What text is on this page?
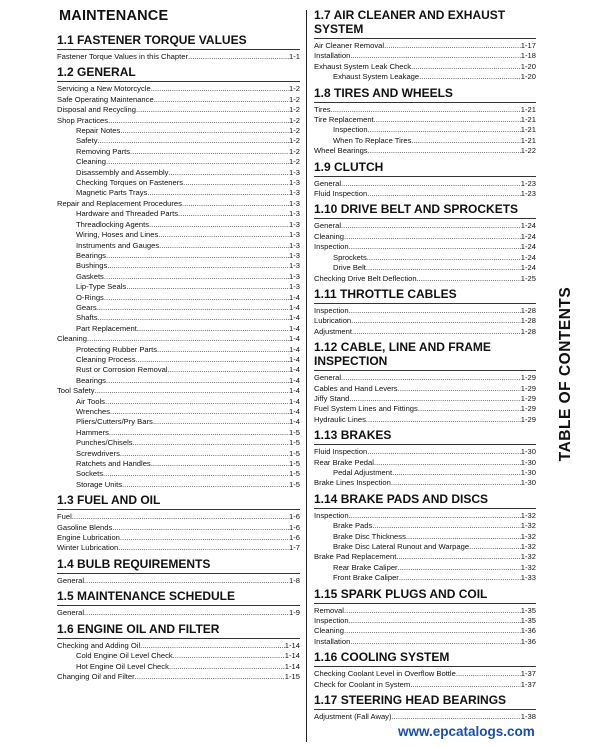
MAINTENANCE
1.1 FASTENER TORQUE VALUES
Fastener Torque Values in this Chapter .....	1-1
1.2 GENERAL
Servicing a New Motorcycle .....	1-2
Safe Operating Maintenance .....	1-2
Disposal and Recycling .....	1-2
Shop Practices .....	1-2
Repair Notes .....	1-2
Safety .....	1-2
Removing Parts .....	1-2
Cleaning .....	1-2
Disassembly and Assembly .....	1-3
Checking Torques on Fasteners .....	1-3
Magnetic Parts Trays .....	1-3
Repair and Replacement Procedures .....	1-3
Hardware and Threaded Parts .....	1-3
Threadlocking Agents .....	1-3
Wiring, Hoses and Lines .....	1-3
Instruments and Gauges .....	1-3
Bearings .....	1-3
Bushings .....	1-3
Gaskets .....	1-3
Lip-Type Seals .....	1-3
O-Rings .....	1-4
Gears .....	1-4
Shafts .....	1-4
Part Replacement .....	1-4
Cleaning .....	1-4
Protecting Rubber Parts .....	1-4
Cleaning Process .....	1-4
Rust or Corrosion Removal .....	1-4
Bearings .....	1-4
Tool Safety .....	1-4
Air Tools .....	1-4
Wrenches .....	1-4
Pliers/Cutters/Pry Bars .....	1-4
Hammers .....	1-5
Punches/Chisels .....	1-5
Screwdrivers .....	1-5
Ratchets and Handles .....	1-5
Sockets .....	1-5
Storage Units .....	1-5
1.3 FUEL AND OIL
Fuel .....	1-6
Gasoline Blends .....	1-6
Engine Lubrication .....	1-6
Winter Lubrication .....	1-7
1.4 BULB REQUIREMENTS
General .....	1-8
1.5 MAINTENANCE SCHEDULE
General .....	1-9
1.6 ENGINE OIL AND FILTER
Checking and Adding Oil .....	1-14
Cold Engine Oil Level Check .....	1-14
Hot Engine Oil Level Check .....	1-14
Changing Oil and Filter .....	1-15
1.7 AIR CLEANER AND EXHAUST SYSTEM
Air Cleaner Removal .....	1-17
Installation .....	1-18
Exhaust System Leak Check .....	1-20
Exhaust System Leakage .....	1-20
1.8 TIRES AND WHEELS
Tires .....	1-21
Tire Replacement .....	1-21
Inspection .....	1-21
When To Replace Tires .....	1-21
Wheel Bearings .....	1-22
1.9 CLUTCH
General .....	1-23
Fluid Inspection .....	1-23
1.10 DRIVE BELT AND SPROCKETS
General .....	1-24
Cleaning .....	1-24
Inspection .....	1-24
Sprockets .....	1-24
Drive Belt .....	1-24
Checking Drive Belt Deflection .....	1-25
1.11 THROTTLE CABLES
Inspection .....	1-28
Lubrication .....	1-28
Adjustment .....	1-28
1.12 CABLE, LINE AND FRAME INSPECTION
General .....	1-29
Cables and Hand Levers .....	1-29
Jiffy Stand .....	1-29
Fuel System Lines and Fittings .....	1-29
Hydraulic Lines .....	1-29
1.13 BRAKES
Fluid Inspection .....	1-30
Rear Brake Pedal .....	1-30
Pedal Adjustment .....	1-30
Brake Lines Inspection .....	1-30
1.14 BRAKE PADS AND DISCS
Inspection .....	1-32
Brake Pads .....	1-32
Brake Disc Thickness .....	1-32
Brake Disc Lateral Runout and Warpage .....	1-32
Brake Pad Replacement .....	1-32
Rear Brake Caliper .....	1-32
Front Brake Caliper .....	1-33
1.15 SPARK PLUGS AND COIL
Removal .....	1-35
Inspection .....	1-35
Cleaning .....	1-36
Installation .....	1-36
1.16 COOLING SYSTEM
Checking Coolant Level in Overflow Bottle .....	1-37
Check for Coolant in System .....	1-37
1.17 STEERING HEAD BEARINGS
Adjustment (Fall Away) .....	1-38
TABLE OF CONTENTS
www.epcatalogs.com
